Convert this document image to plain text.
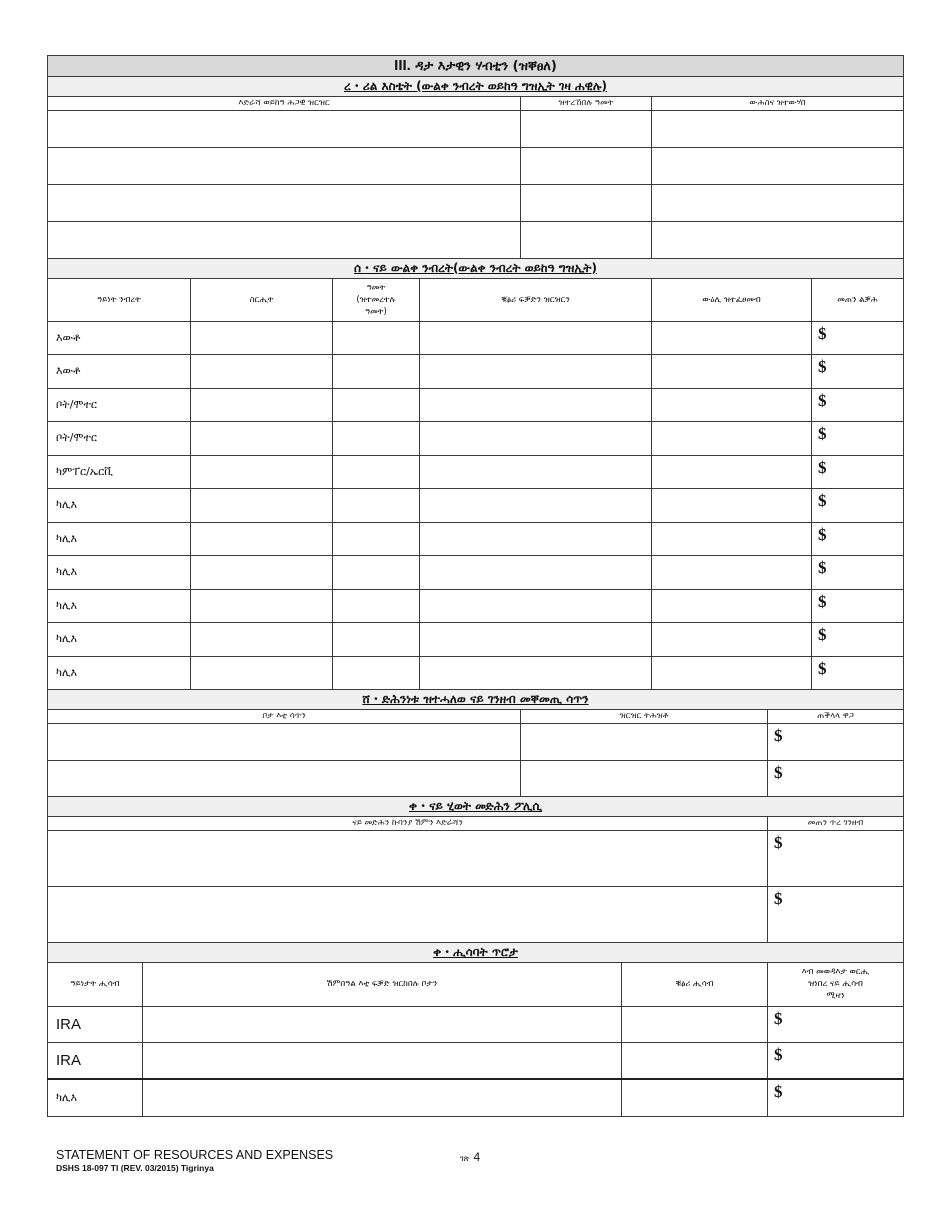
III. ዳታ እታዊን ሃብቲን (ዝቐፀለ)		
ረ・ሪል እስቴት (ውልቀ ንብረት ወይከዓ ግዝኢት ገዛ ሐዊሉ)		
እድራሻ ወይከዓ ሕጋዊ ዝርዝር	ዝተረኸበሉ ዓመት	ውሕስና ዝተውሃበ

ሰ・ናይ ውልቀ ንብረት(ውልቀ ንብረት ወይከዓ ግዝኢት)					
ዓይነት ንብረት	ስርሒት	ዓመት
(ዝተመረተሉ
ዓመት)	ቑፅሪ ፍቓድን ዝርዝርን	ውዕሊ ዝተፈፀመብ	መጠን ልቓሕ
እውቶ					$
እውቶ					$
ቦት/ሞተር					$
ቦት/ሞተር					$
ካምፐር/ኤርቪ					$
ካሊእ					$
ካሊእ					$
ካሊእ					$
ካሊእ					$
ካሊእ					$
ካሊእ					$
ሸ・ድሕንነቱ ዝተሓለወ ናይ ገንዘብ መቐመጢ ሳጥን		
ቦታ እቲ ሳጥን	ዝርዝር ትሕዝቶ	ጠቕላላ ዋጋ
		$
		$
ቀ・ናይ ሂወት መድሕን ፖሊሲ	
ናይ መድሕን ኩባንያ ሽምን እድራሻን	መጠን ጥረ ገንዘብ
	$
	$
ቀ・ሒሳባት ጥሮታ			
ዓይነታት ሒሳብ	ሽምበዓል እቲ ፍቓድ ዝርከበሉ ቦታን	ቑፅሪ ሒሳብ	እብ መወዳእታ ወርሒ
ዝነበረ ናይ ሒሳብ
ሚዛን

IRA			$
IRA			$
ካሊእ			$
STATEMENT OF RESOURCES AND EXPENSES
DSHS 18-097 TI (REV. 03/2015) Tigrinya
ገጽ 4
